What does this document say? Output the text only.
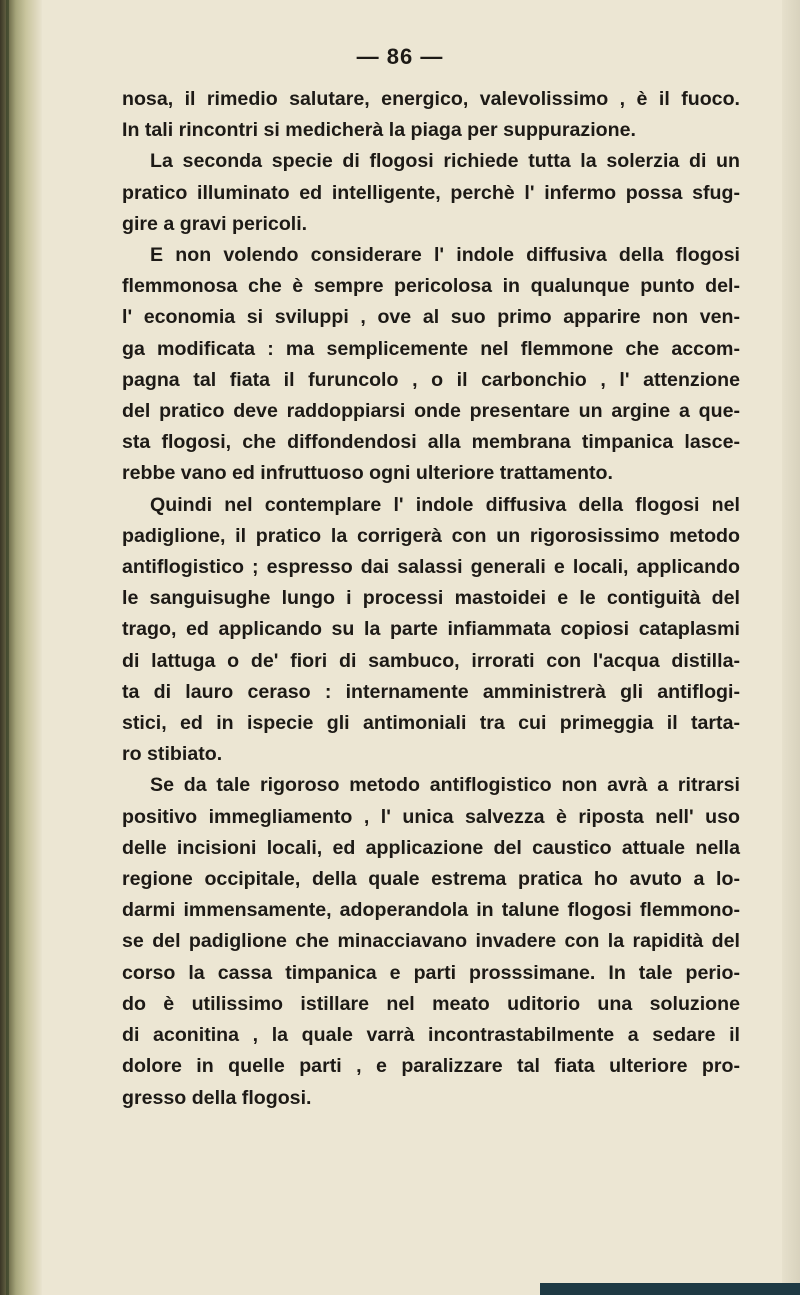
— 86 —
nosa, il rimedio salutare, energico, valevolissimo , è il fuoco.
In tali rincontri si medicherà la piaga per suppurazione.
La seconda specie di flogosi richiede tutta la solerzia di un
pratico illuminato ed intelligente, perchè l' infermo possa sfug-
gire a gravi pericoli.
E non volendo considerare l' indole diffusiva della flogosi
flemmonosa che è sempre pericolosa in qualunque punto del-
l' economia si sviluppi , ove al suo primo apparire non ven-
ga modificata : ma semplicemente nel flemmone che accom-
pagna tal fiata il furuncolo , o il carbonchio , l' attenzione
del pratico deve raddoppiarsi onde presentare un argine a que-
sta flogosi, che diffondendosi alla membrana timpanica lasce-
rebbe vano ed infruttuoso ogni ulteriore trattamento.
Quindi nel contemplare l' indole diffusiva della flogosi nel
padiglione, il pratico la corrigerà con un rigorosissimo metodo
antiflogistico ; espresso dai salassi generali e locali, applicando
le sanguisughe lungo i processi mastoidei e le contiguità del
trago, ed applicando su la parte infiammata copiosi cataplasmi
di lattuga o de' fiori di sambuco, irrorati con l'acqua distilla-
ta di lauro ceraso : internamente amministrerà gli antiflogi-
stici, ed in ispecie gli antimoniali tra cui primeggia il tarta-
ro stibiato.
Se da tale rigoroso metodo antiflogistico non avrà a ritrarsi
positivo immegliamento , l' unica salvezza è riposta nell' uso
delle incisioni locali, ed applicazione del caustico attuale nella
regione occipitale, della quale estrema pratica ho avuto a lo-
darmi immensamente, adoperandola in talune flogosi flemmono-
se del padiglione che minacciavano invadere con la rapidità del
corso la cassa timpanica e parti prosssimane. In tale perio-
do è utilissimo istillare nel meato uditorio una soluzione
di aconitina , la quale varrà incontrastabilmente a sedare il
dolore in quelle parti , e paralizzare tal fiata ulteriore pro-
gresso della flogosi.
